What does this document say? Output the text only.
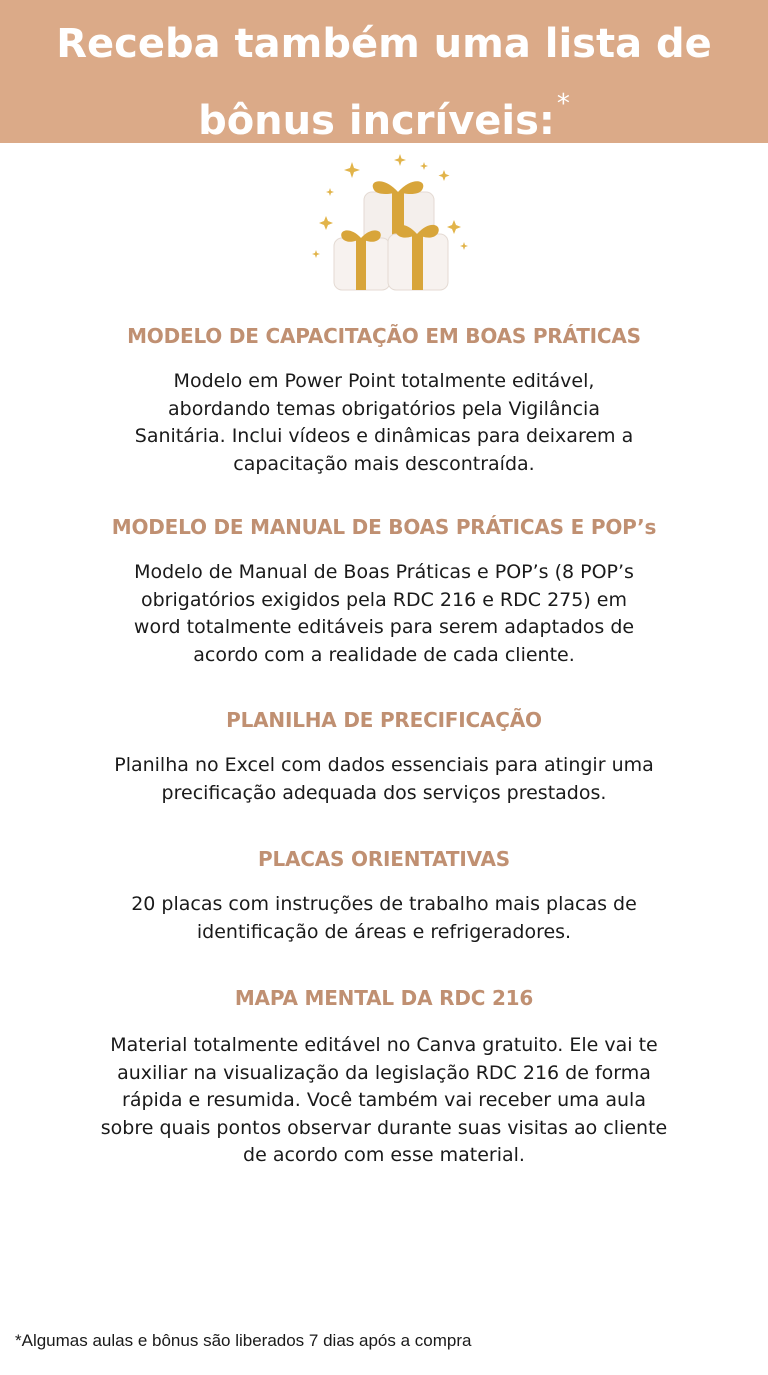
Receba também uma lista de
bônus incríveis:*
MODELO DE CAPACITAÇÃO EM BOAS PRÁTICAS
Modelo em Power Point totalmente editável,
abordando temas obrigatórios pela Vigilância
Sanitária. Inclui vídeos e dinâmicas para deixarem a
capacitação mais descontraída.
MODELO DE MANUAL DE BOAS PRÁTICAS E POP’s
Modelo de Manual de Boas Práticas e POP’s (8 POP’s
obrigatórios exigidos pela RDC 216 e RDC 275) em
word totalmente editáveis para serem adaptados de
acordo com a realidade de cada cliente.
PLANILHA DE PRECIFICAÇÃO
Planilha no Excel com dados essenciais para atingir uma
precificação adequada dos serviços prestados.
PLACAS ORIENTATIVAS
20 placas com instruções de trabalho mais placas de
identificação de áreas e refrigeradores.
MAPA MENTAL DA RDC 216
Material totalmente editável no Canva gratuito. Ele vai te
auxiliar na visualização da legislação RDC 216 de forma
rápida e resumida. Você também vai receber uma aula
sobre quais pontos observar durante suas visitas ao cliente
de acordo com esse material.
*Algumas aulas e bônus são liberados 7 dias após a compra
